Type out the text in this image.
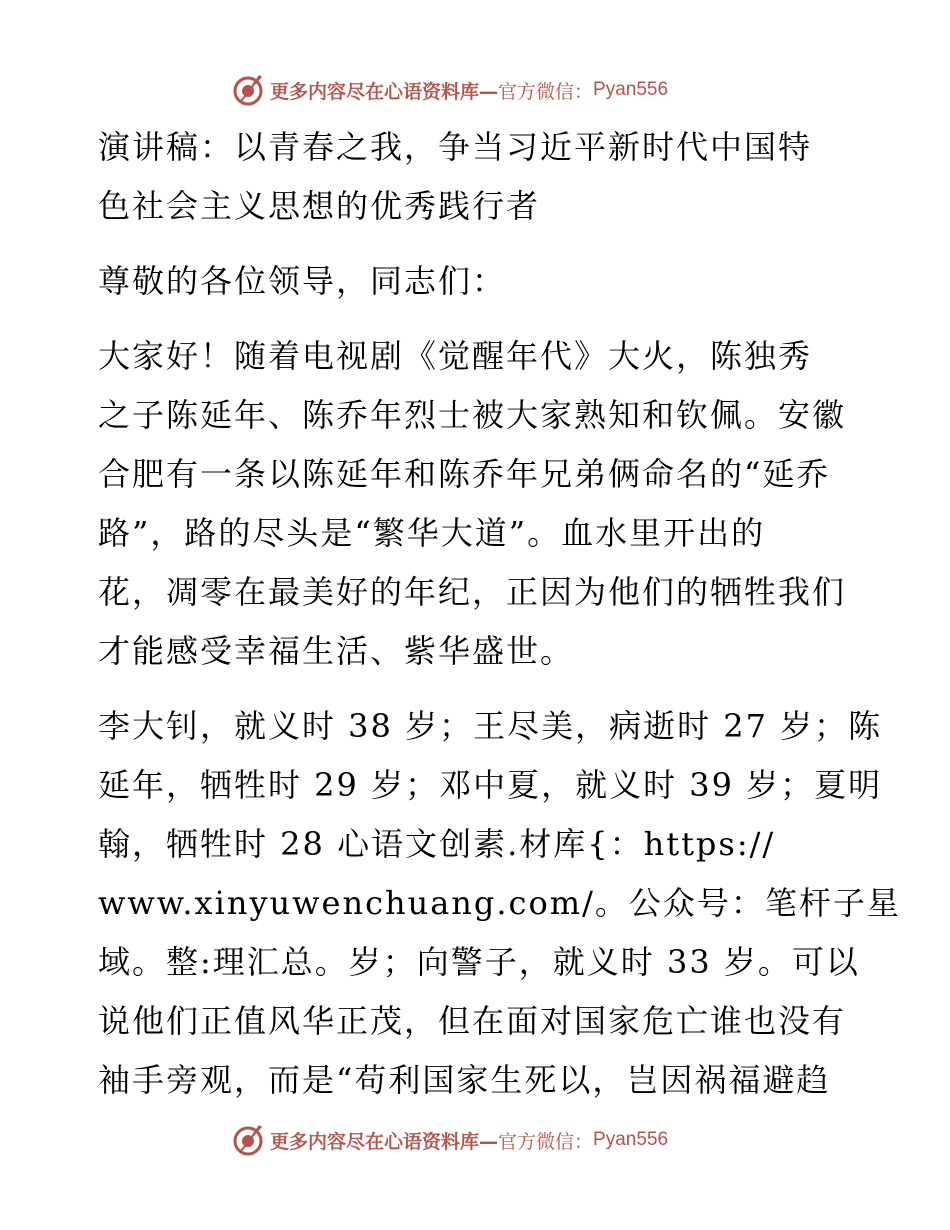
更多内容尽在心语资料库— 官方微信： Pyan556

演讲稿：以青春之我，争当习近平新时代中国特
色社会主义思想的优秀践行者

尊敬的各位领导，同志们：

大家好！随着电视剧《觉醒年代》大火，陈独秀
之子陈延年、陈乔年烈士被大家熟知和钦佩。安徽
合肥有一条以陈延年和陈乔年兄弟俩命名的“延乔
路”，路的尽头是“繁华大道”。血水里开出的
花，凋零在最美好的年纪，正因为他们的牺牲我们
才能感受幸福生活、紫华盛世。

李大钊，就义时 38 岁；王尽美，病逝时 27 岁；陈
延年，牺牲时 29 岁；邓中夏，就义时 39 岁；夏明
翰，牺牲时 28 心语文创素.材库{：https://
www.xinyuwenchuang.com/。公众号：笔杆子星
域。整:理汇总。岁；向警子，就义时 33 岁。可以
说他们正值风华正茂，但在面对国家危亡谁也没有
袖手旁观，而是“苟利国家生死以，岂因祸福避趋

更多内容尽在心语资料库— 官方微信： Pyan556
